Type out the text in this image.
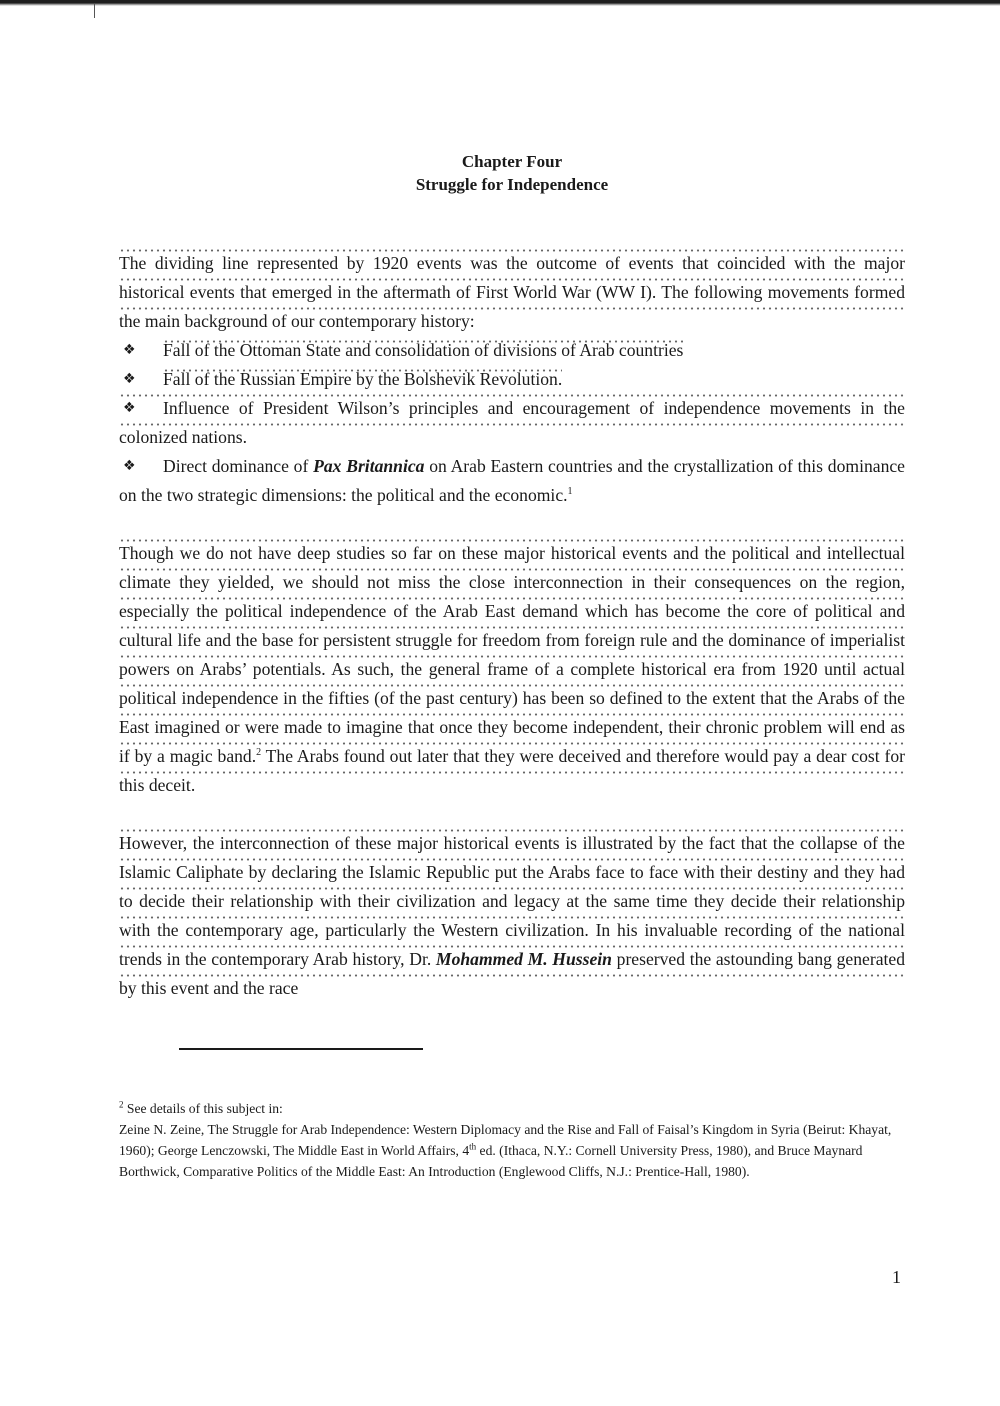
Chapter Four
Struggle for Independence

The dividing line represented by 1920 events was the outcome of events that coincided with the major historical events that emerged in the aftermath of First World War (WW I). The following movements formed the main background of our contemporary history:

❖ Fall of the Ottoman State and consolidation of divisions of Arab countries

❖ Fall of the Russian Empire by the Bolshevik Revolution.

❖ Influence of President Wilson’s principles and encouragement of independence movements in the colonized nations.

❖ Direct dominance of Pax Britannica on Arab Eastern countries and the crystallization of this dominance on the two strategic dimensions: the political and the economic.$^1$

Though we do not have deep studies so far on these major historical events and the political and intellectual climate they yielded, we should not miss the close interconnection in their consequences on the region, especially the political independence of the Arab East demand which has become the core of political and cultural life and the base for persistent struggle for freedom from foreign rule and the dominance of imperialist powers on Arabs’ potentials. As such, the general frame of a complete historical era from 1920 until actual political independence in the fifties (of the past century) has been so defined to the extent that the Arabs of the East imagined or were made to imagine that once they become independent, their chronic problem will end as if by a magic band.$^2$ The Arabs found out later that they were deceived and therefore would pay a dear cost for this deceit.

However, the interconnection of these major historical events is illustrated by the fact that the collapse of the Islamic Caliphate by declaring the Islamic Republic put the Arabs face to face with their destiny and they had to decide their relationship with their civilization and legacy at the same time they decide their relationship with the contemporary age, particularly the Western civilization. In his invaluable recording of the national trends in the contemporary Arab history, Dr. Mohammed M. Hussein preserved the astounding bang generated by this event and the race

$^2$ See details of this subject in:

Zeine N. Zeine, The Struggle for Arab Independence: Western Diplomacy and the Rise and Fall of Faisal’s Kingdom in Syria (Beirut: Khayat, 1960); George Lenczowski, The Middle East in World Affairs, 4th ed. (Ithaca, N.Y.: Cornell University Press, 1980), and Bruce Maynard Borthwick, Comparative Politics of the Middle East: An Introduction (Englewood Cliffs, N.J.: Prentice-Hall, 1980).

1
